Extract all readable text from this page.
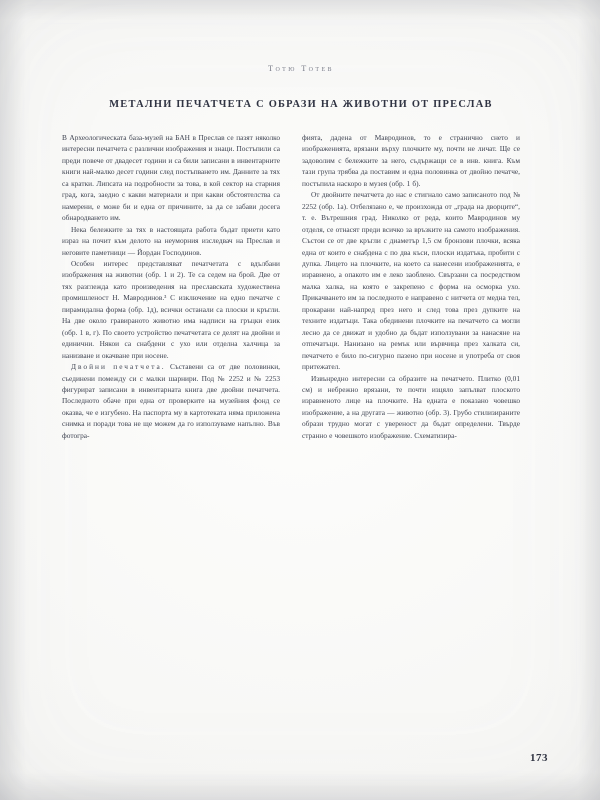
Тотю Тотев
МЕТАЛНИ ПЕЧАТЧЕТА С ОБРАЗИ НА ЖИВОТНИ ОТ ПРЕСЛАВ

В Археологическата база-музей на БАН в Преслав се пазят няколко интересни печатчета с различни изображения и знаци. Постъпили са преди повече от двадесет години и са били записани в инвентарните книги най-малко десет години след постъпването им. Данните за тях са кратки. Липсата на подробности за това, в кой сектор на старния град, кога, заедно с какви материали и при какви обстоятелства са намерени, е може би и една от причините, за да се забави досега обнародването им.

Нека бележките за тях в настоящата работа бъдат приети като израз на почит към делото на неуморния изследвач на Преслав и неговите паметници — Йордан Господинов.

Особен интерес представляват печатчетата с вдълбани изображения на животни (обр. 1 и 2). Те са седем на брой. Две от тях разглежда като произведения на преславската художествена промишленост Н. Мавродинов.³ С изключение на едно печатче с пирамидална форма (обр. 1д), всички останали са плоски и кръгли. На две около гравираното животно има надписи на гръцки език (обр. 1 в, г). По своето устройство печатчетата се делят на двойни и единични. Някои са снабдени с ухо или отделна халчица за нанизване и окачване при носене.

Двойни печатчета. Съставени са от две половинки, съединени помежду си с малки шарнири. Под № 2252 и № 2253 фигурират записани в инвентарната книга две двойни печатчета. Последното обаче при една от проверките на музейния фонд се оказва, че е изгубено. На паспорта му в картотеката няма приложена снимка и поради това не ще можем да го използуваме напълно. Във фотогра-

фията, дадена от Мавродинов, то е странично снето и изображенията, врязани върху плочките му, почти не личат. Ще се задоволим с бележките за него, съдържащи се в инв. книга. Към тази група трябва да поставим и една половинка от двойно печатче, постъпила наскоро в музея (обр. 1 б).

От двойните печатчета до нас е стигнало само записаното под № 2252 (обр. 1а). Отбелязано е, че произхожда от „града на дворците“, т. е. Вътрешния град. Николко от реда, които Мавродинов му отделя, се отнасят преди всичко за връзките на самото изображения. Състои се от две кръгли с диаметър 1,5 см бронзови плочки, всяка една от които е снабдена с по два къси, плоски издатъка, пробити с дупка. Лицето на плочките, на което са нанесени изображенията, е изравнено, а опакото им е леко заоблено. Свързани са посредством малка халка, на която е закрепено с форма на осморка ухо. Прикачването им за последното е направено с нитчета от медна тел, прокарани най-напред през него и след това през дупките на техните издатъци. Така обединени плочките на печатчето са могли лесно да се движат и удобно да бъдат използувани за нанасяне на отпечатъци. Нанизано на ремък или вървчица през халката си, печатчето е било по-сигурно пазено при носене и употреба от своя притежател.

Извънредно интересни са образите на печатчето. Плитко (0,01 см) и небрежно врязани, те почти изцяло запълват плоското изравненото лице на плочките. На едната е показано човешко изображение, а на другата — животно (обр. 3). Грубо стилизираните образи трудно могат с увереност да бъдат определени. Твърде странно е човешкото изображение. Схематизира-

173
